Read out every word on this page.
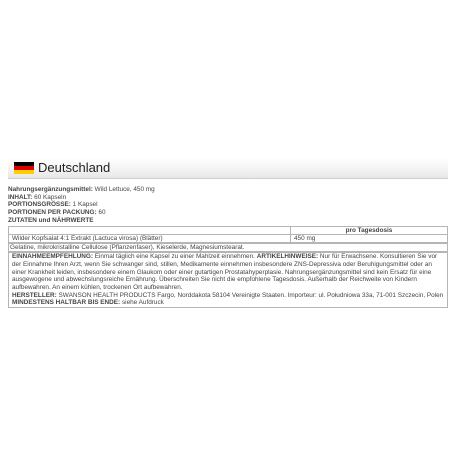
Deutschland

Nahrungsergänzungsmittel: Wild Lettuce, 450 mg

INHALT: 60 Kapseln

PORTIONSGRÖSSE: 1 Kapsel

PORTIONEN PER PACKUNG: 60

ZUTATEN und NÄHRWERTE

	pro Tagesdosis
Wilder Kopfsalat 4:1 Extrakt (Lactuca virosa) (Blätter)	450 mg

Gelatine, mikrokristalline Cellulose (Pflanzenfaser), Kieselerde, Magnesiumstearat.

EINNAHMEEMPFEHLUNG: Einmal täglich eine Kapsel zu einer Mahlzeit einnehmen. ARTIKELHINWEISE: Nur für Erwachsene. Konsultieren Sie vor der Einnahme Ihren Arzt, wenn Sie schwanger sind, stillen, Medikamente einnehmen insbesondere ZNS-Depressiva oder Beruhigungsmittel oder an einer Krankheit leiden, insbesondere einem Glaukom oder einer gutartigen Prostatahyperplasie. Nahrungsergänzungsmittel sind kein Ersatz für eine ausgewogene und abwechslungsreiche Ernährung. Überschreiten Sie nicht die empfohlene Tagesdosis. Außerhalb der Reichweite von Kindern aufbewahren. An einem kühlen, trockenen Ort aufbewahren.
HERSTELLER: SWANSON HEALTH PRODUCTS Fargo, Norddakota 58104 Vereinigte Staaten. Importeur: ul. Południowa 33a, 71-001 Szczecin, Polen
MINDESTENS HALTBAR BIS ENDE: siehe Aufdruck
